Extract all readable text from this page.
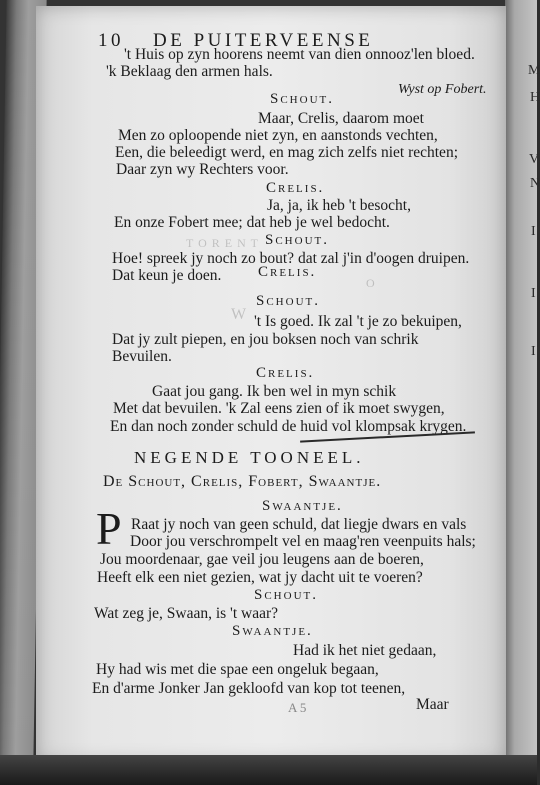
M
H
V
N
I
I
I
T O R E N T
W
O
10 DE PUITERVEENSE
't Huis op zyn hoorens neemt van dien onnooz'len bloed.
'k Beklaag den armen hals.
Wyst op Fobert.
Schout.
Maar, Crelis, daarom moet
Men zo oploopende niet zyn, en aanstonds vechten,
Een, die beleedigt werd, en mag zich zelfs niet rechten;
Daar zyn wy Rechters voor.
Crelis.
Ja, ja, ik heb 't besocht,
En onze Fobert mee; dat heb je wel bedocht.
Schout.
Hoe! spreek jy noch zo bout? dat zal j'in d'oogen druipen.
Crelis.
Dat keun je doen.
Schout.
't Is goed. Ik zal 't je zo bekuipen,
Dat jy zult piepen, en jou boksen noch van schrik
Bevuilen.
Crelis.
Gaat jou gang. Ik ben wel in myn schik
Met dat bevuilen. 'k Zal eens zien of ik moet swygen,
En dan noch zonder schuld de huid vol klompsak krygen.
NEGENDE TOONEEL.
De Schout, Crelis, Fobert, Swaantje.
Swaantje.
P Raat jy noch van geen schuld, dat liegje dwars en vals
Door jou verschrompelt vel en maag'ren veenpuits hals;
Jou moordenaar, gae veil jou leugens aan de boeren,
Heeft elk een niet gezien, wat jy dacht uit te voeren?
Schout.
Wat zeg je, Swaan, is 't waar?
Swaantje.
Had ik het niet gedaan,
Hy had wis met die spae een ongeluk begaan,
En d'arme Jonker Jan gekloofd van kop tot teenen,
Maar
A 5
